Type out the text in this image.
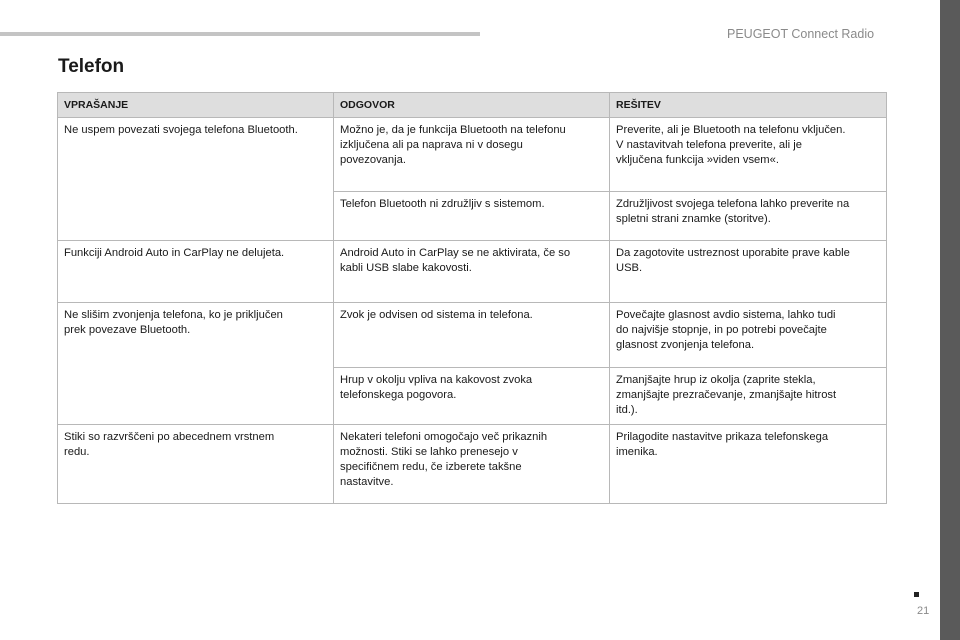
PEUGEOT Connect Radio
Telefon
VPRAŠANJE	ODGOVOR	REŠITEV

Ne uspem povezati svojega telefona Bluetooth.	Možno je, da je funkcija Bluetooth na telefonu
izključena ali pa naprava ni v dosegu
povezovanja.	Preverite, ali je Bluetooth na telefonu vključen.
V nastavitvah telefona preverite, ali je
vključena funkcija »viden vsem«.

	Telefon Bluetooth ni združljiv s sistemom.	Združljivost svojega telefona lahko preverite na
spletni strani znamke (storitve).

Funkciji Android Auto in CarPlay ne delujeta.	Android Auto in CarPlay se ne aktivirata, če so
kabli USB slabe kakovosti.	Da zagotovite ustreznost uporabite prave kable
USB.

Ne slišim zvonjenja telefona, ko je priključen
prek povezave Bluetooth.	Zvok je odvisen od sistema in telefona.	Povečajte glasnost avdio sistema, lahko tudi
do najvišje stopnje, in po potrebi povečajte
glasnost zvonjenja telefona.

	Hrup v okolju vpliva na kakovost zvoka
telefonskega pogovora.	Zmanjšajte hrup iz okolja (zaprite stekla,
zmanjšajte prezračevanje, zmanjšajte hitrost
itd.).

Stiki so razvrščeni po abecednem vrstnem
redu.	Nekateri telefoni omogočajo več prikaznih
možnosti. Stiki se lahko prenesejo v
specifičnem redu, če izberete takšne
nastavitve.	Prilagodite nastavitve prikaza telefonskega
imenika.
21
